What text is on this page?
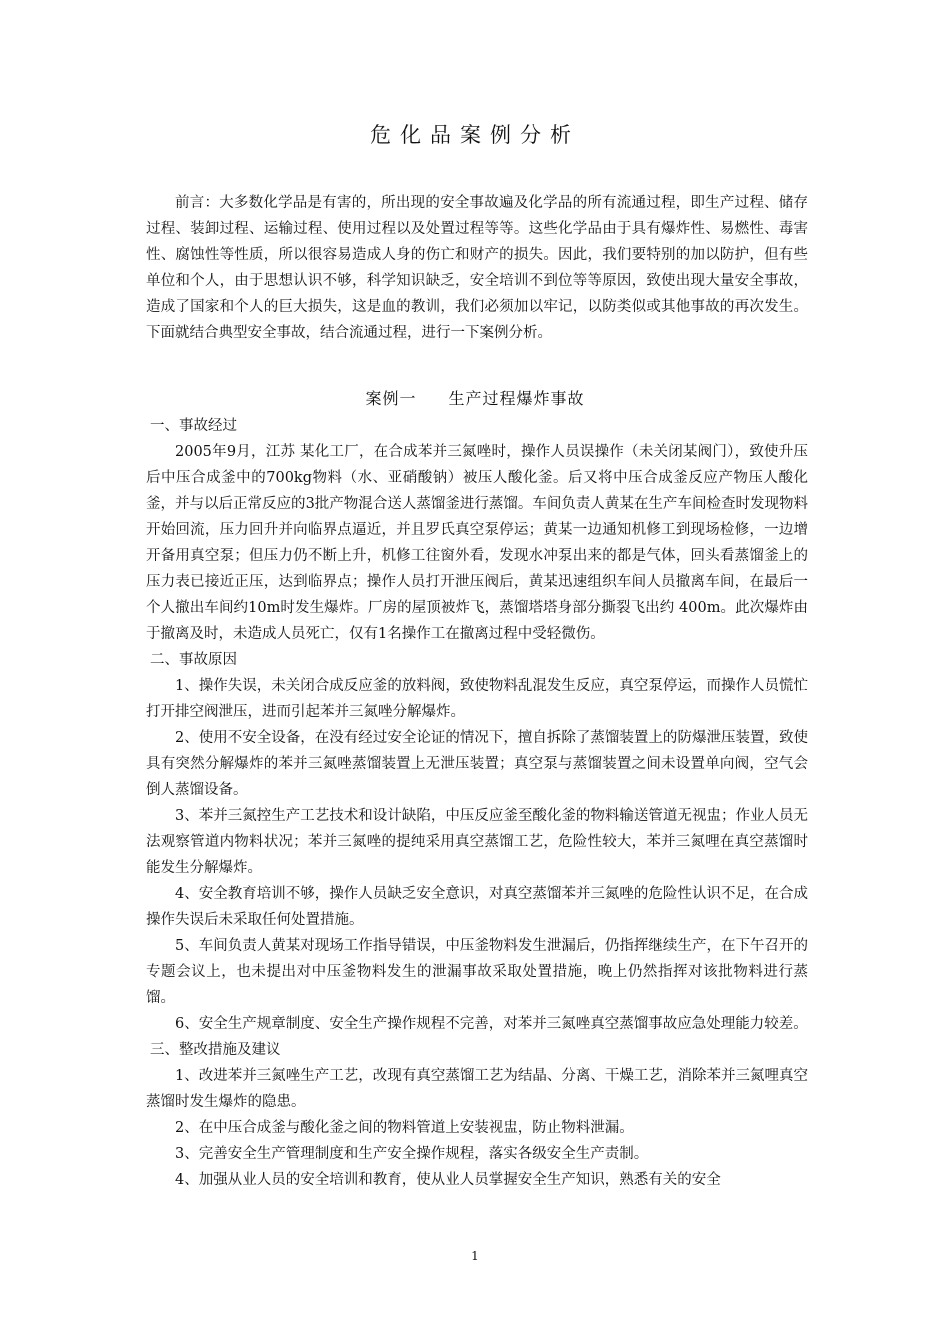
危化品案例分析

前言：大多数化学品是有害的，所出现的安全事故遍及化学品的所有流通过程，即生产过程、储存过程、装卸过程、运输过程、使用过程以及处置过程等等。这些化学品由于具有爆炸性、易燃性、毒害性、腐蚀性等性质，所以很容易造成人身的伤亡和财产的损失。因此，我们要特别的加以防护，但有些单位和个人，由于思想认识不够，科学知识缺乏，安全培训不到位等等原因，致使出现大量安全事故，造成了国家和个人的巨大损失，这是血的教训，我们必须加以牢记，以防类似或其他事故的再次发生。下面就结合典型安全事故，结合流通过程，进行一下案例分析。

案例一 生产过程爆炸事故

一、事故经过

2005年9月，江苏 某化工厂，在合成苯并三氮唑时，操作人员误操作（未关闭某阀门），致使升压后中压合成釜中的700kg物料（水、亚硝酸钠）被压人酸化釜。后又将中压合成釜反应产物压人酸化釜，并与以后正常反应的3批产物混合送人蒸馏釜进行蒸馏。车间负责人黄某在生产车间检查时发现物料开始回流，压力回升并向临界点逼近，并且罗氏真空泵停运；黄某一边通知机修工到现场检修，一边增开备用真空泵；但压力仍不断上升，机修工往窗外看，发现水冲泵出来的都是气体，回头看蒸馏釜上的压力表已接近正压，达到临界点；操作人员打开泄压阀后，黄某迅速组织车间人员撤离车间，在最后一个人撤出车间约10m时发生爆炸。厂房的屋顶被炸飞，蒸馏塔塔身部分撕裂飞出约 400m。此次爆炸由于撤离及时，未造成人员死亡，仅有1名操作工在撤离过程中受轻微伤。

二、事故原因

1、操作失误，未关闭合成反应釜的放料阀，致使物料乱混发生反应，真空泵停运，而操作人员慌忙打开排空阀泄压，进而引起苯并三氮唑分解爆炸。

2、使用不安全设备，在没有经过安全论证的情况下，擅自拆除了蒸馏装置上的防爆泄压装置，致使具有突然分解爆炸的苯并三氮唑蒸馏装置上无泄压装置；真空泵与蒸馏装置之间未设置单向阀，空气会倒人蒸馏设备。

3、苯并三氮控生产工艺技术和设计缺陷，中压反应釜至酸化釜的物料输送管道无视盅；作业人员无法观察管道内物料状况；苯并三氮唑的提纯采用真空蒸馏工艺，危险性较大，苯并三氮哩在真空蒸馏时能发生分解爆炸。

4、安全教育培训不够，操作人员缺乏安全意识，对真空蒸馏苯并三氮唑的危险性认识不足，在合成操作失误后未采取任何处置措施。

5、车间负责人黄某对现场工作指导错误，中压釜物料发生泄漏后，仍指挥继续生产，在下午召开的专题会议上，也未提出对中压釜物料发生的泄漏事故采取处置措施，晚上仍然指挥对该批物料进行蒸馏。

6、安全生产规章制度、安全生产操作规程不完善，对苯并三氮唑真空蒸馏事故应急处理能力较差。

三、整改措施及建议

1、改进苯并三氮唑生产工艺，改现有真空蒸馏工艺为结晶、分离、干燥工艺，消除苯并三氮哩真空蒸馏时发生爆炸的隐患。

2、在中压合成釜与酸化釜之间的物料管道上安装视盅，防止物料泄漏。

3、完善安全生产管理制度和生产安全操作规程，落实各级安全生产责制。

4、加强从业人员的安全培训和教育，使从业人员掌握安全生产知识，熟悉有关的安全

1
